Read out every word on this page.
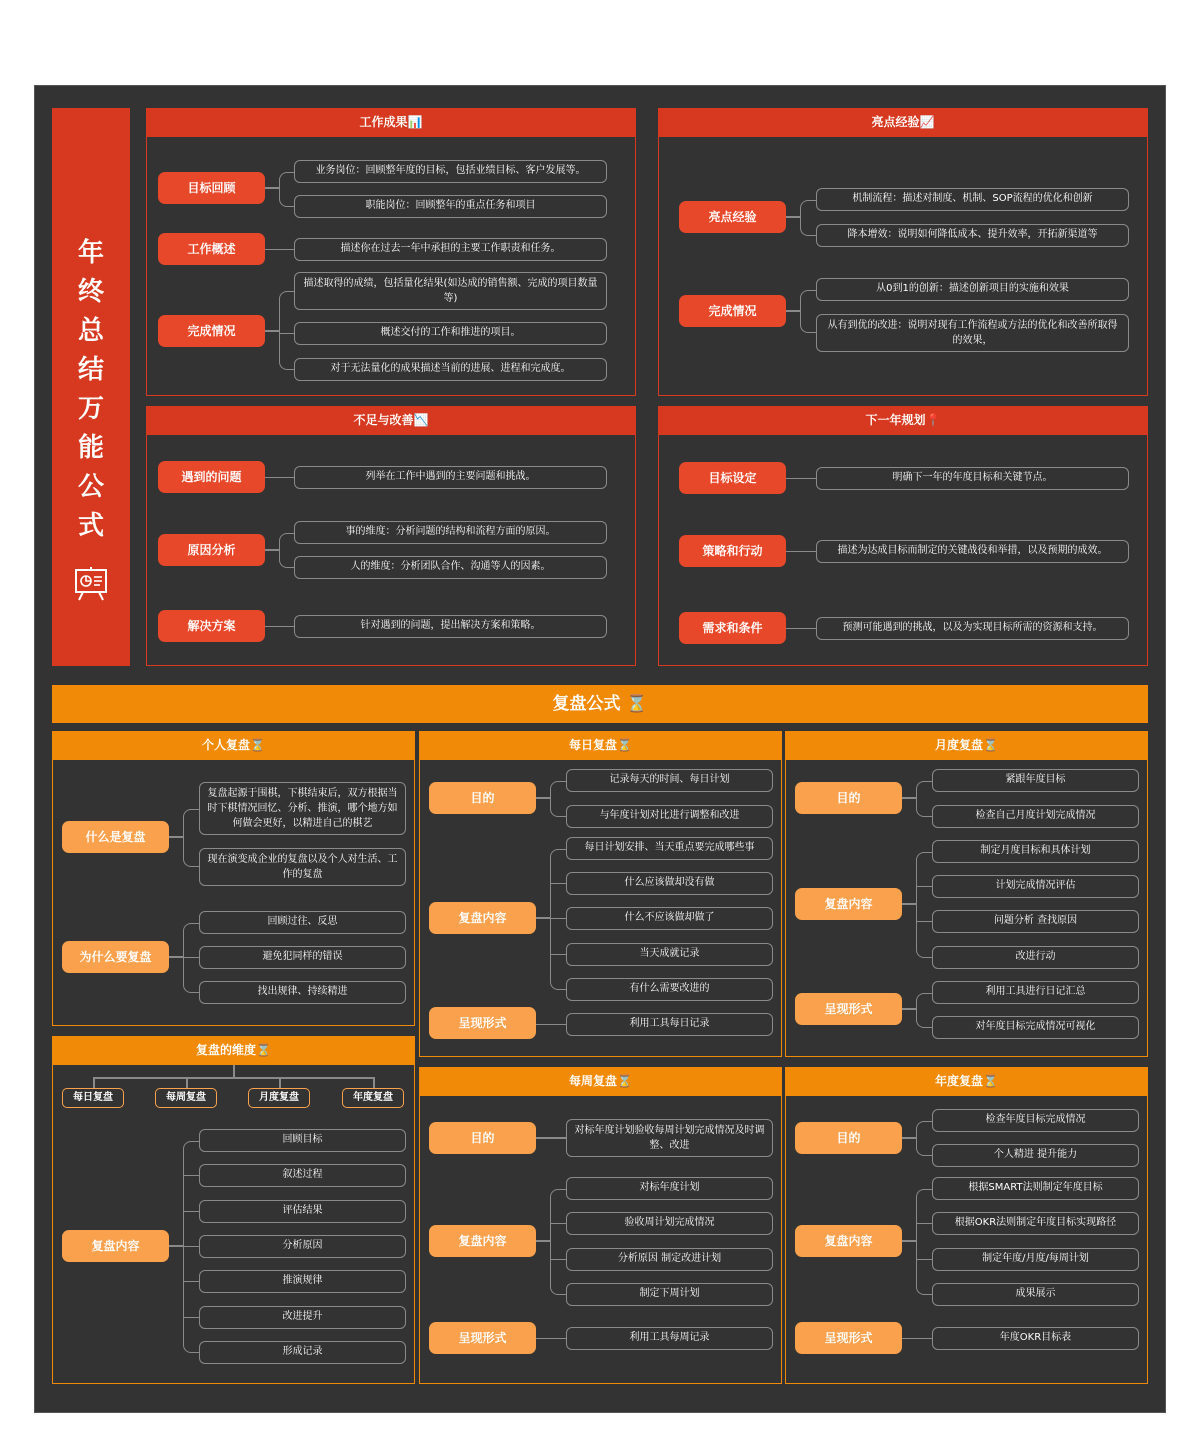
年
终
总
结
万
能
公
式
复盘公式 ⌛
工作成果📊
目标回顾
业务岗位：回顾整年度的目标，包括业绩目标、客户发展等。
职能岗位：回顾整年的重点任务和项目
工作概述	描述你在过去一年中承担的主要工作职责和任务。
完成情况
描述取得的成绩，包括量化结果(如达成的销售额、完成的项目数量等)
概述交付的工作和推进的项目。
对于无法量化的成果描述当前的进展、进程和完成度。
亮点经验📈
亮点经验
机制流程：描述对制度、机制、SOP流程的优化和创新
降本增效：说明如何降低成本、提升效率，开拓新渠道等
完成情况
从0到1的创新：描述创新项目的实施和效果
从有到优的改进：说明对现有工作流程或方法的优化和改善所取得的效果，
不足与改善📉
遇到的问题	列举在工作中遇到的主要问题和挑战。
原因分析
事的维度：分析问题的结构和流程方面的原因。
人的维度：分析团队合作、沟通等人的因素。
解决方案	针对遇到的问题，提出解决方案和策略。
下一年规划📍
目标设定	明确下一年的年度目标和关键节点。
策略和行动	描述为达成目标而制定的关键战役和举措，以及预期的成效。
需求和条件	预测可能遇到的挑战，以及为实现目标所需的资源和支持。
个人复盘⌛
什么是复盘
复盘起源于围棋，下棋结束后，双方根据当时下棋情况回忆、分析、推演，哪个地方如何做会更好，以精进自己的棋艺
现在演变成企业的复盘以及个人对生活、工作的复盘
为什么要复盘
回顾过往、反思
避免犯同样的错误
找出规律、持续精进
每日复盘⌛
目的
记录每天的时间、每日计划
与年度计划对比进行调整和改进
复盘内容
每日计划安排、当天重点要完成哪些事
什么应该做却没有做
什么不应该做却做了
当天成就记录
有什么需要改进的
呈现形式	利用工具每日记录
月度复盘⌛
目的
紧跟年度目标
检查自己月度计划完成情况
复盘内容
制定月度目标和具体计划
计划完成情况评估
问题分析 查找原因
改进行动
呈现形式
利用工具进行日记汇总
对年度目标完成情况可视化
复盘的维度⌛
每日复盘	每周复盘	月度复盘	年度复盘
复盘内容
回顾目标
叙述过程
评估结果
分析原因
推演规律
改进提升
形成记录
每周复盘⌛
目的
对标年度计划验收每周计划完成情况及时调整、改进
复盘内容
对标年度计划
验收周计划完成情况
分析原因 制定改进计划
制定下周计划
呈现形式	利用工具每周记录
年度复盘⌛
目的
检查年度目标完成情况
个人精进 提升能力
复盘内容
根据SMART法则制定年度目标
根据OKR法则制定年度目标实现路径
制定年度/月度/每周计划
成果展示
呈现形式	年度OKR目标表
